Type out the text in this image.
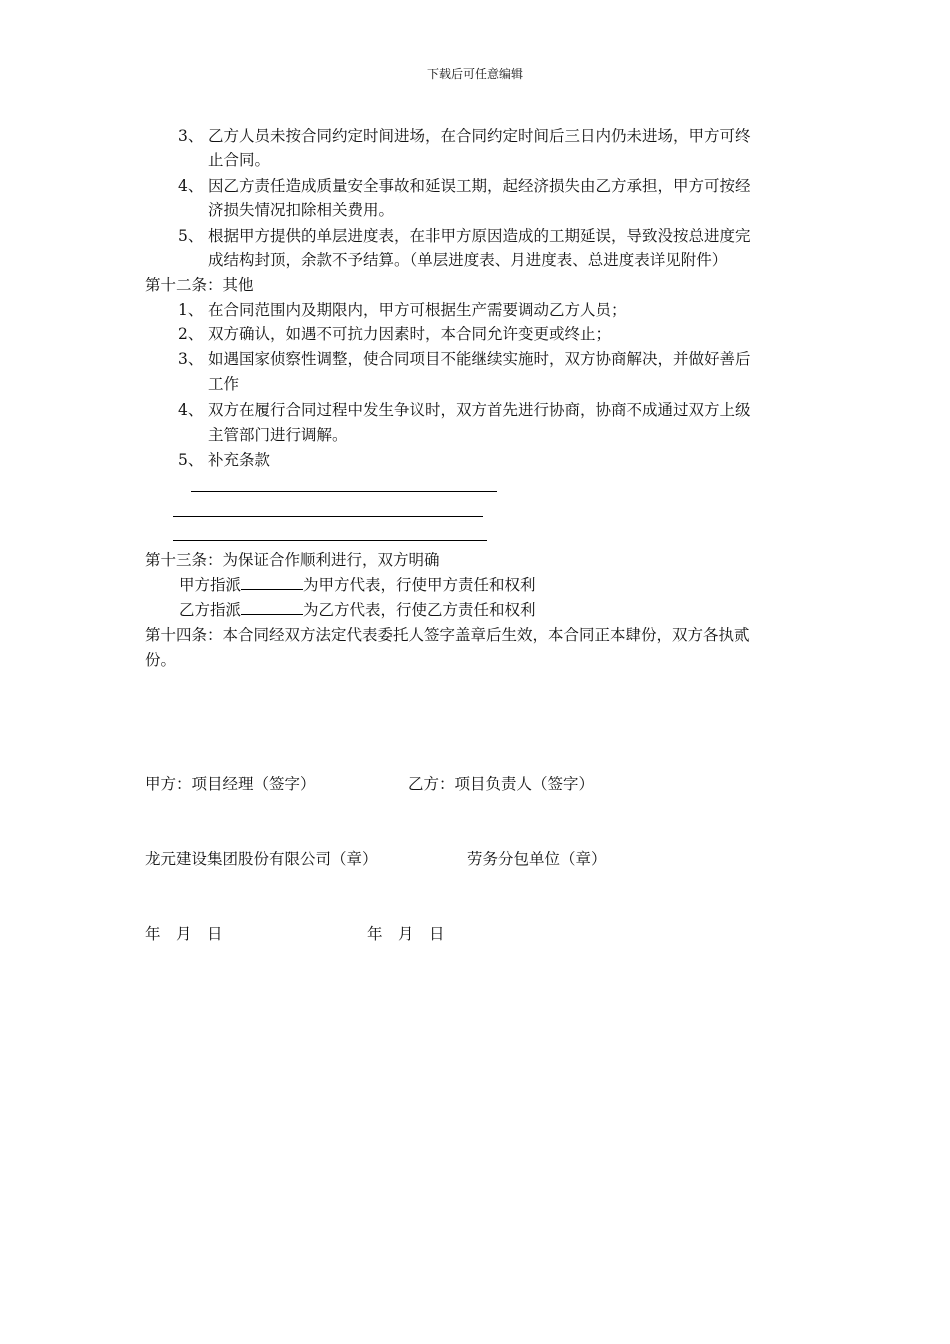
下载后可任意编辑
3、 乙方人员未按合同约定时间进场，在合同约定时间后三日内仍未进场，甲方可终
止合同。
4、 因乙方责任造成质量安全事故和延误工期，起经济损失由乙方承担，甲方可按经
济损失情况扣除相关费用。
5、 根据甲方提供的单层进度表，在非甲方原因造成的工期延误，导致没按总进度完
成结构封顶，余款不予结算。（单层进度表、月进度表、总进度表详见附件）
第十二条：其他
1、 在合同范围内及期限内，甲方可根据生产需要调动乙方人员；
2、 双方确认，如遇不可抗力因素时，本合同允许变更或终止；
3、 如遇国家侦察性调整，使合同项目不能继续实施时，双方协商解决，并做好善后
工作
4、 双方在履行合同过程中发生争议时，双方首先进行协商，协商不成通过双方上级
主管部门进行调解。
5、 补充条款
第十三条：为保证合作顺利进行，双方明确
甲方指派	为甲方代表，行使甲方责任和权利
乙方指派	为乙方代表，行使乙方责任和权利
第十四条：本合同经双方法定代表委托人签字盖章后生效，本合同正本肆份，双方各执贰
份。
甲方：项目经理（签字）	乙方：项目负责人（签字）
龙元建设集团股份有限公司（章）	劳务分包单位（章）
年　月　日	年　月　日
